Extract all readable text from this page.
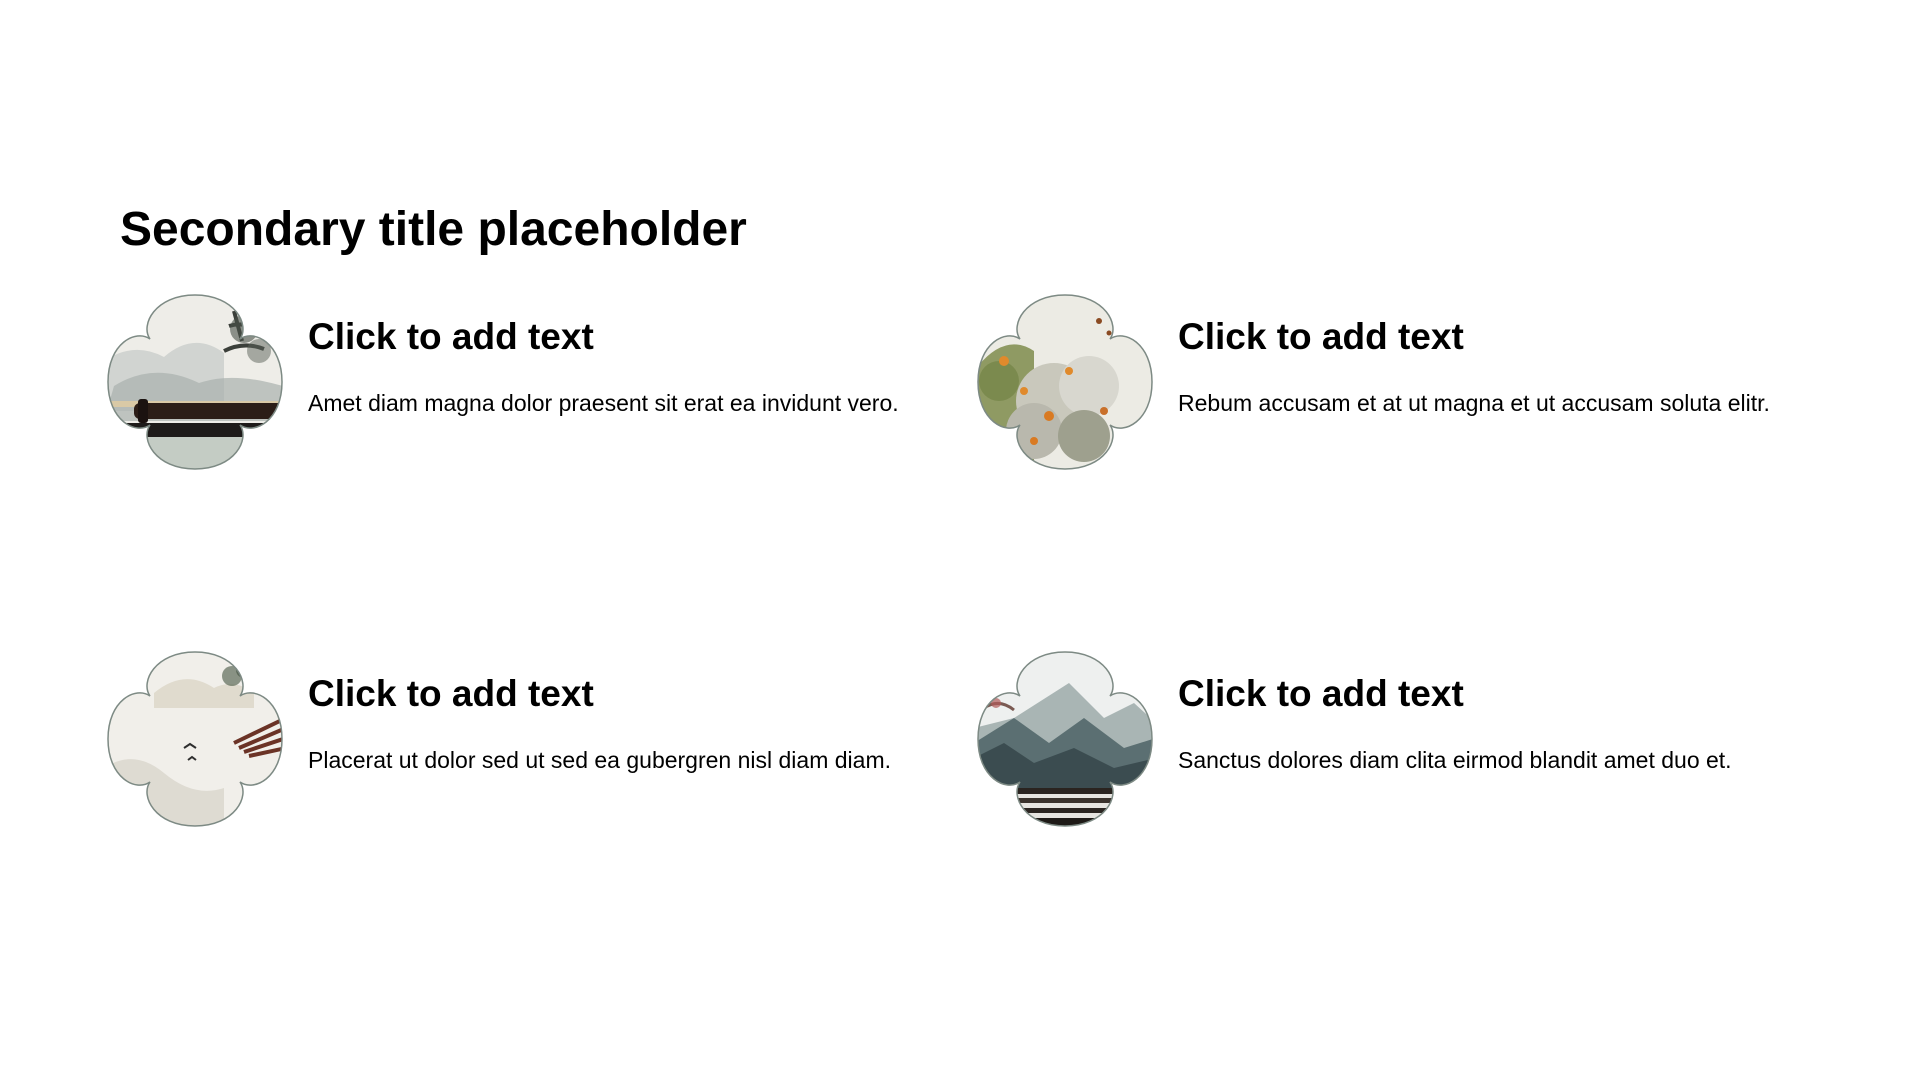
Secondary title placeholder
Click to add text

Amet diam magna dolor praesent sit erat ea invidunt vero.

Click to add text

Rebum accusam et at ut magna et ut accusam soluta elitr.

Click to add text

Placerat ut dolor sed ut sed ea gubergren nisl diam diam.

Click to add text

Sanctus dolores diam clita eirmod blandit amet duo et.
